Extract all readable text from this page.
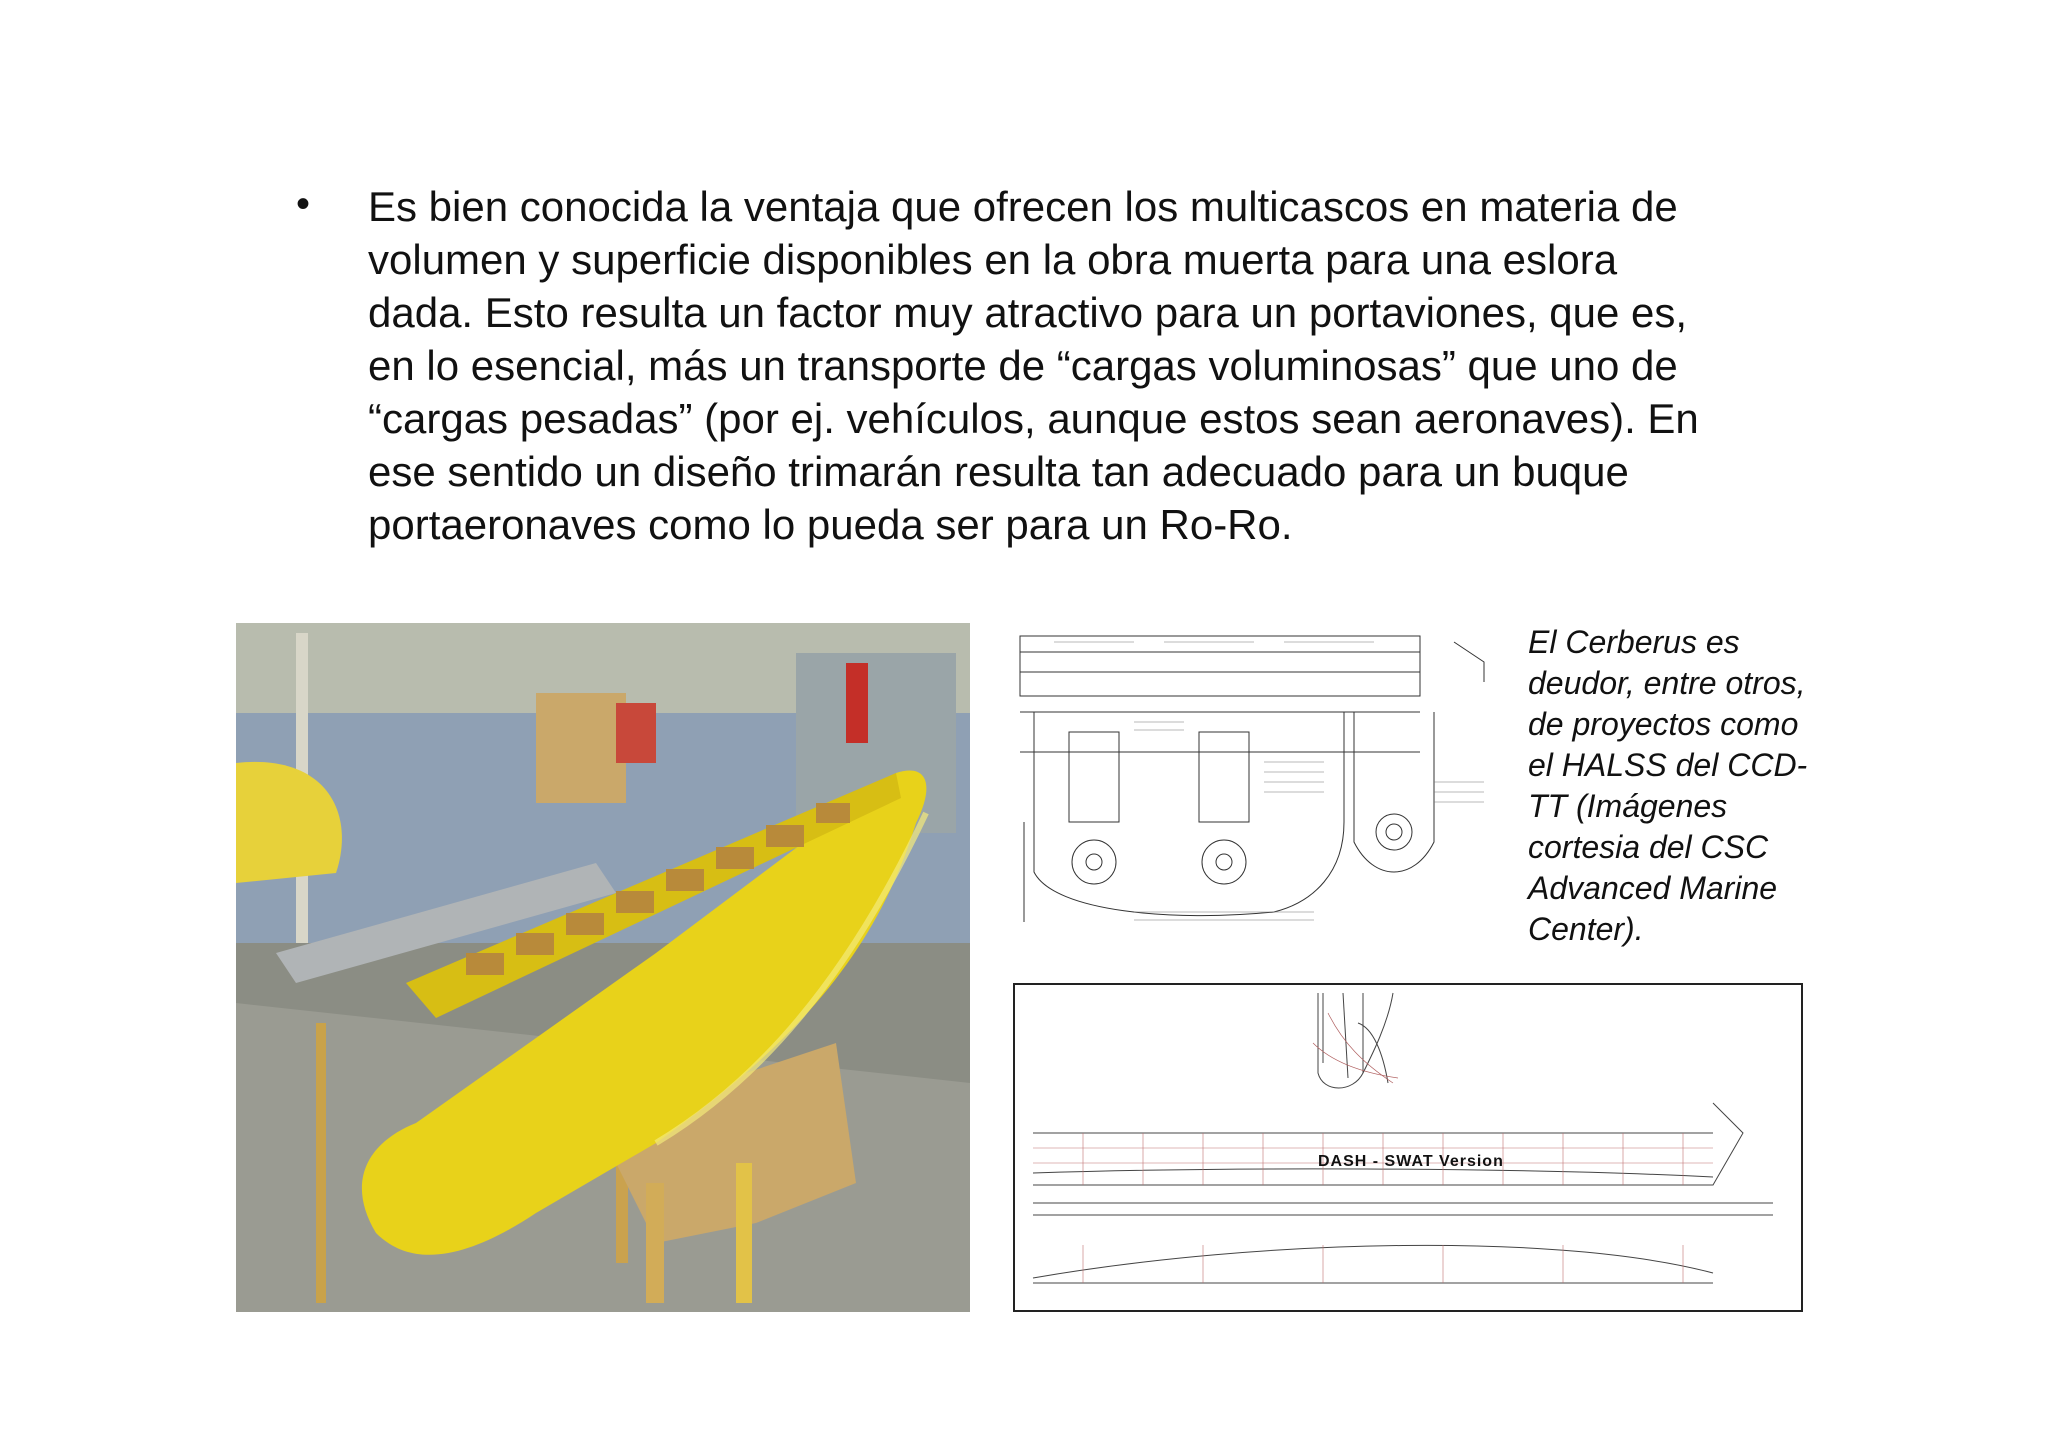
• Es bien conocida la ventaja que ofrecen los multicascos en materia de
volumen y superficie disponibles en la obra muerta para una eslora
dada. Esto resulta un factor muy atractivo para un portaviones, que es,
en lo esencial, más un transporte de “cargas voluminosas” que uno de
“cargas pesadas” (por ej. vehículos, aunque estos sean aeronaves). En
ese sentido un diseño trimarán resulta tan adecuado para un buque
portaeronaves como lo pueda ser para un Ro-Ro.

El Cerberus es
deudor, entre otros,
de proyectos como
el HALSS del CCD-
TT (Imágenes
cortesia del CSC
Advanced Marine
Center).
DASH - SWAT Version
